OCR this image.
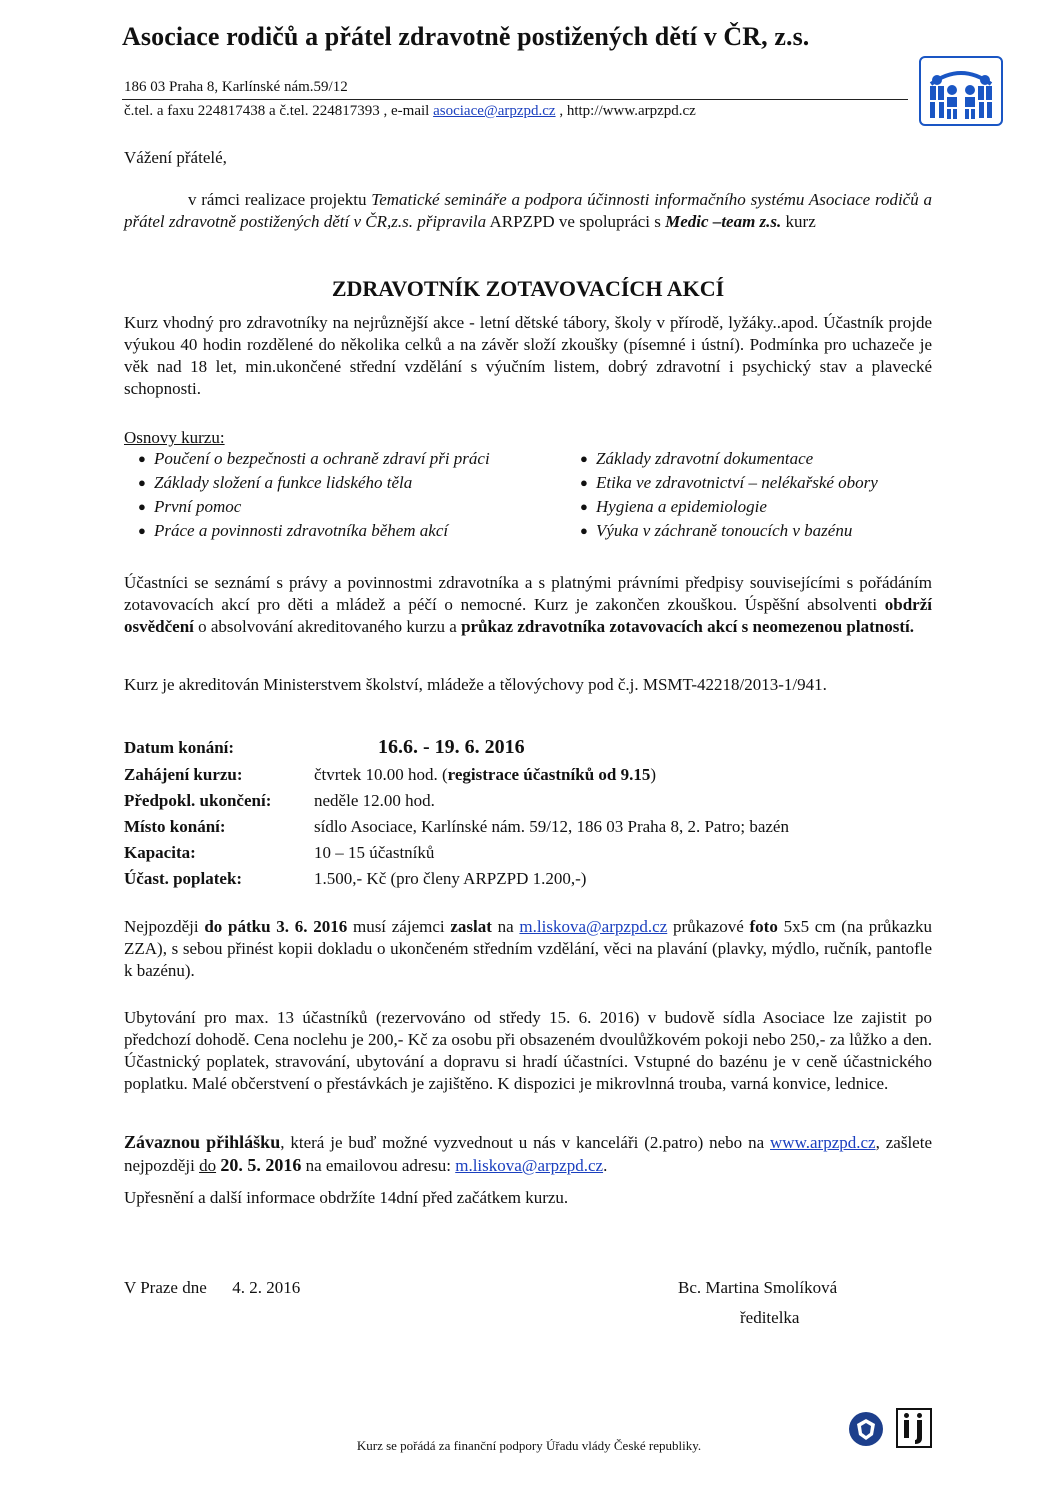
Asociace rodičů a přátel zdravotně postižených dětí v ČR, z.s.
186 03 Praha 8, Karlínské nám.59/12
č.tel. a faxu 224817438 a č.tel. 224817393 , e-mail asociace@arpzpd.cz , http://www.arpzpd.cz
Vážení přátelé,
v rámci realizace projektu Tematické semináře a podpora účinnosti informačního systému Asociace rodičů a přátel zdravotně postižených dětí v ČR,z.s. připravila ARPZPD ve spolupráci s Medic –team z.s. kurz
ZDRAVOTNÍK ZOTAVOVACÍCH AKCÍ
Kurz vhodný pro zdravotníky na nejrůznější akce - letní dětské tábory, školy v přírodě, lyžáky..apod. Účastník projde výukou 40 hodin rozdělené do několika celků a na závěr složí zkoušky (písemné i ústní). Podmínka pro uchazeče je věk nad 18 let, min.ukončené střední vzdělání s výučním listem, dobrý zdravotní i psychický stav a plavecké schopnosti.
Osnovy kurzu:
● Poučení o bezpečnosti a ochraně zdraví při práci
● Základy složení a funkce lidského těla
● První pomoc
● Práce a povinnosti zdravotníka během akcí
● Základy zdravotní dokumentace
● Etika ve zdravotnictví – nelékařské obory
● Hygiena a epidemiologie
● Výuka v záchraně tonoucích v bazénu
Účastníci se seznámí s právy a povinnostmi zdravotníka a s platnými právními předpisy souvisejícími s pořádáním zotavovacích akcí pro děti a mládež a péčí o nemocné. Kurz je zakončen zkouškou. Úspěšní absolventi obdrží osvědčení o absolvování akreditovaného kurzu a průkaz zdravotníka zotavovacích akcí s neomezenou platností.
Kurz je akreditován Ministerstvem školství, mládeže a tělovýchovy pod č.j. MSMT-42218/2013-1/941.
Datum konání:	16.6. - 19. 6. 2016
Zahájení kurzu:	čtvrtek 10.00 hod. (registrace účastníků od 9.15)
Předpokl. ukončení:	neděle 12.00 hod.
Místo konání:	sídlo Asociace, Karlínské nám. 59/12, 186 03 Praha 8, 2. Patro; bazén
Kapacita:	10 – 15 účastníků
Účast. poplatek:	1.500,- Kč (pro členy ARPZPD 1.200,-)
Nejpozději do pátku 3. 6. 2016 musí zájemci zaslat na m.liskova@arpzpd.cz průkazové foto 5x5 cm (na průkazku ZZA), s sebou přinést kopii dokladu o ukončeném středním vzdělání, věci na plavání (plavky, mýdlo, ručník, pantofle k bazénu).
Ubytování pro max. 13 účastníků (rezervováno od středy 15. 6. 2016) v budově sídla Asociace lze zajistit po předchozí dohodě. Cena noclehu je 200,- Kč za osobu při obsazeném dvoulůžkovém pokoji nebo 250,- za lůžko a den. Účastnický poplatek, stravování, ubytování a dopravu si hradí účastníci. Vstupné do bazénu je v ceně účastnického poplatku. Malé občerstvení o přestávkách je zajištěno. K dispozici je mikrovlnná trouba, varná konvice, lednice.
Závaznou přihlášku, která je buď možné vyzvednout u nás v kanceláři (2.patro) nebo na www.arpzpd.cz, zašlete nejpozději do 20. 5. 2016 na emailovou adresu: m.liskova@arpzpd.cz.
Upřesnění a další informace obdržíte 14dní před začátkem kurzu.
V Praze dne      4. 2. 2016	Bc. Martina Smolíková
ředitelka
Kurz se pořádá za finanční podpory Úřadu vlády České republiky.
